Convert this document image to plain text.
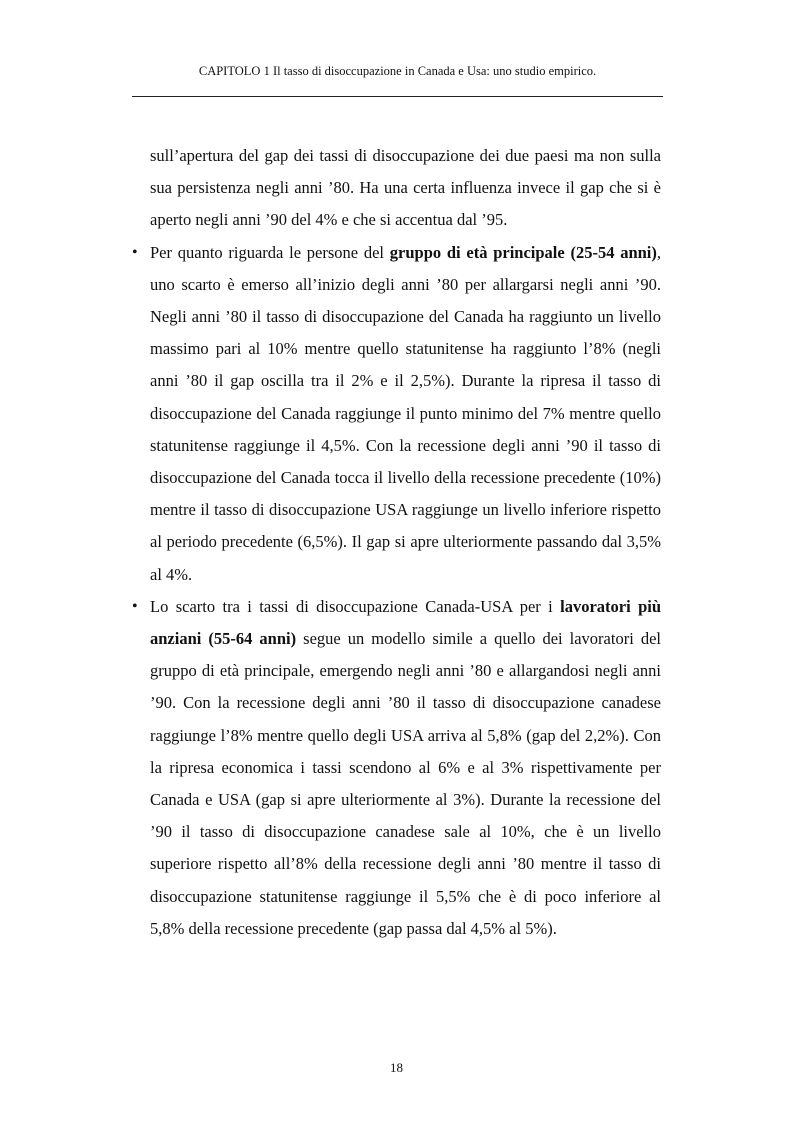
CAPITOLO 1 Il tasso di disoccupazione in Canada e Usa: uno studio empirico.

sull’apertura del gap dei tassi di disoccupazione dei due paesi ma non sulla sua persistenza negli anni ’80. Ha una certa influenza invece il gap che si è aperto negli anni ’90 del 4% e che si accentua dal ’95.

• Per quanto riguarda le persone del gruppo di età principale (25-54 anni), uno scarto è emerso all’inizio degli anni ’80 per allargarsi negli anni ’90. Negli anni ’80 il tasso di disoccupazione del Canada ha raggiunto un livello massimo pari al 10% mentre quello statunitense ha raggiunto l’8% (negli anni ’80 il gap oscilla tra il 2% e il 2,5%). Durante la ripresa il tasso di disoccupazione del Canada raggiunge il punto minimo del 7% mentre quello statunitense raggiunge il 4,5%. Con la recessione degli anni ’90 il tasso di disoccupazione del Canada tocca il livello della recessione precedente (10%) mentre il tasso di disoccupazione USA raggiunge un livello inferiore rispetto al periodo precedente (6,5%). Il gap si apre ulteriormente passando dal 3,5% al 4%.

• Lo scarto tra i tassi di disoccupazione Canada-USA per i lavoratori più anziani (55-64 anni) segue un modello simile a quello dei lavoratori del gruppo di età principale, emergendo negli anni ’80 e allargandosi negli anni ’90. Con la recessione degli anni ’80 il tasso di disoccupazione canadese raggiunge l’8% mentre quello degli USA arriva al 5,8% (gap del 2,2%). Con la ripresa economica i tassi scendono al 6% e al 3% rispettivamente per Canada e USA (gap si apre ulteriormente al 3%). Durante la recessione del ’90 il tasso di disoccupazione canadese sale al 10%, che è un livello superiore rispetto all’8% della recessione degli anni ’80 mentre il tasso di disoccupazione statunitense raggiunge il 5,5% che è di poco inferiore al 5,8% della recessione precedente (gap passa dal 4,5% al 5%).

18
